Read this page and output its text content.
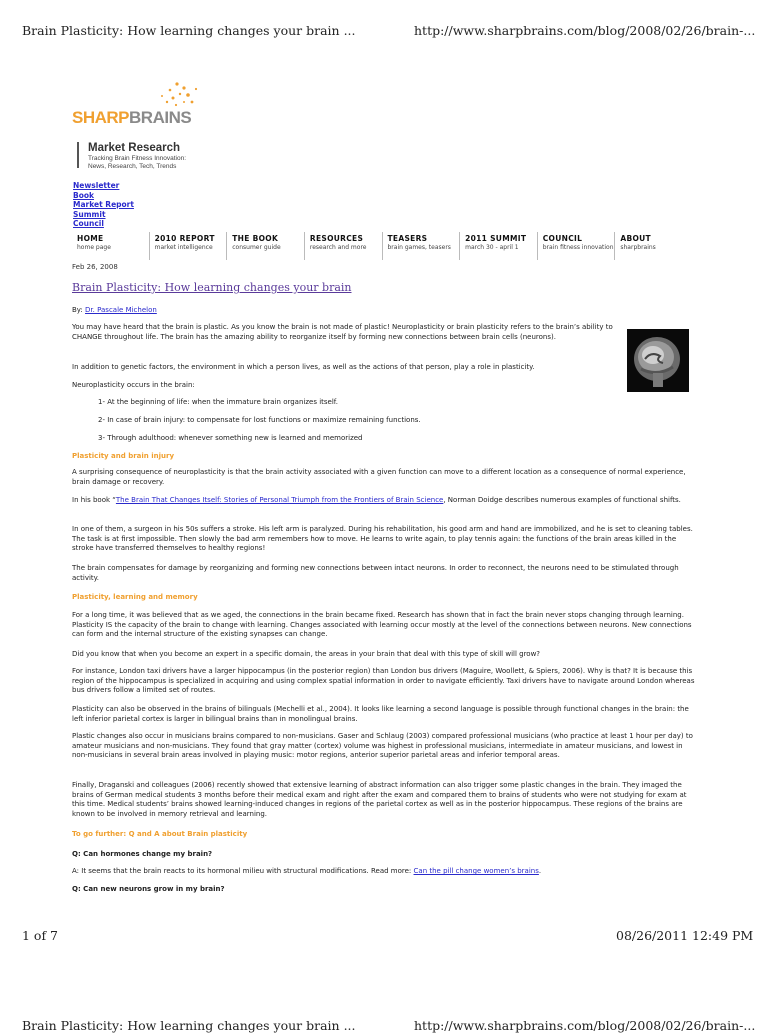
Brain Plasticity: How learning changes your brain ...	http://www.sharpbrains.com/blog/2008/02/26/brain-...
SHARPBRAINS
Market Research
Tracking Brain Fitness Innovation:
News, Research, Tech, Trends
Newsletter
Book
Market Report
Summit
Council
HOME
home page
2010 REPORT
market intelligence
THE BOOK
consumer guide
RESOURCES
research and more
TEASERS
brain games, teasers
2011 SUMMIT
march 30 - april 1
COUNCIL
brain fitness innovation
ABOUT
sharpbrains
Feb 26, 2008
Brain Plasticity: How learning changes your brain
By: Dr. Pascale Michelon
You may have heard that the brain is plastic. As you know the brain is not made of plastic! Neuroplasticity or brain plasticity refers to the brain’s ability to CHANGE throughout life. The brain has the amazing ability to reorganize itself by forming new connections between brain cells (neurons).
In addition to genetic factors, the environment in which a person lives, as well as the actions of that person, play a role in plasticity.
Neuroplasticity occurs in the brain:
1- At the beginning of life: when the immature brain organizes itself.
2- In case of brain injury: to compensate for lost functions or maximize remaining functions.
3- Through adulthood: whenever something new is learned and memorized
Plasticity and brain injury
A surprising consequence of neuroplasticity is that the brain activity associated with a given function can move to a different location as a consequence of normal experience, brain damage or recovery.
In his book “The Brain That Changes Itself: Stories of Personal Triumph from the Frontiers of Brain Science, Norman Doidge describes numerous examples of functional shifts.
In one of them, a surgeon in his 50s suffers a stroke. His left arm is paralyzed. During his rehabilitation, his good arm and hand are immobilized, and he is set to cleaning tables. The task is at first impossible. Then slowly the bad arm remembers how to move. He learns to write again, to play tennis again: the functions of the brain areas killed in the stroke have transferred themselves to healthy regions!
The brain compensates for damage by reorganizing and forming new connections between intact neurons. In order to reconnect, the neurons need to be stimulated through activity.
Plasticity, learning and memory
For a long time, it was believed that as we aged, the connections in the brain became fixed. Research has shown that in fact the brain never stops changing through learning. Plasticity IS the capacity of the brain to change with learning. Changes associated with learning occur mostly at the level of the connections between neurons. New connections can form and the internal structure of the existing synapses can change.
Did you know that when you become an expert in a specific domain, the areas in your brain that deal with this type of skill will grow?
For instance, London taxi drivers have a larger hippocampus (in the posterior region) than London bus drivers (Maguire, Woollett, & Spiers, 2006). Why is that? It is because this region of the hippocampus is specialized in acquiring and using complex spatial information in order to navigate efficiently. Taxi drivers have to navigate around London whereas bus drivers follow a limited set of routes.
Plasticity can also be observed in the brains of bilinguals (Mechelli et al., 2004). It looks like learning a second language is possible through functional changes in the brain: the left inferior parietal cortex is larger in bilingual brains than in monolingual brains.
Plastic changes also occur in musicians brains compared to non-musicians. Gaser and Schlaug (2003) compared professional musicians (who practice at least 1 hour per day) to amateur musicians and non-musicians. They found that gray matter (cortex) volume was highest in professional musicians, intermediate in amateur musicians, and lowest in non-musicians in several brain areas involved in playing music: motor regions, anterior superior parietal areas and inferior temporal areas.
Finally, Draganski and colleagues (2006) recently showed that extensive learning of abstract information can also trigger some plastic changes in the brain. They imaged the brains of German medical students 3 months before their medical exam and right after the exam and compared them to brains of students who were not studying for exam at this time. Medical students’ brains showed learning-induced changes in regions of the parietal cortex as well as in the posterior hippocampus. These regions of the brains are known to be involved in memory retrieval and learning.
To go further: Q and A about Brain plasticity
Q: Can hormones change my brain?
A: It seems that the brain reacts to its hormonal milieu with structural modifications. Read more: Can the pill change women’s brains.
Q: Can new neurons grow in my brain?
1 of 7	08/26/2011 12:49 PM
Brain Plasticity: How learning changes your brain ...	http://www.sharpbrains.com/blog/2008/02/26/brain-...
